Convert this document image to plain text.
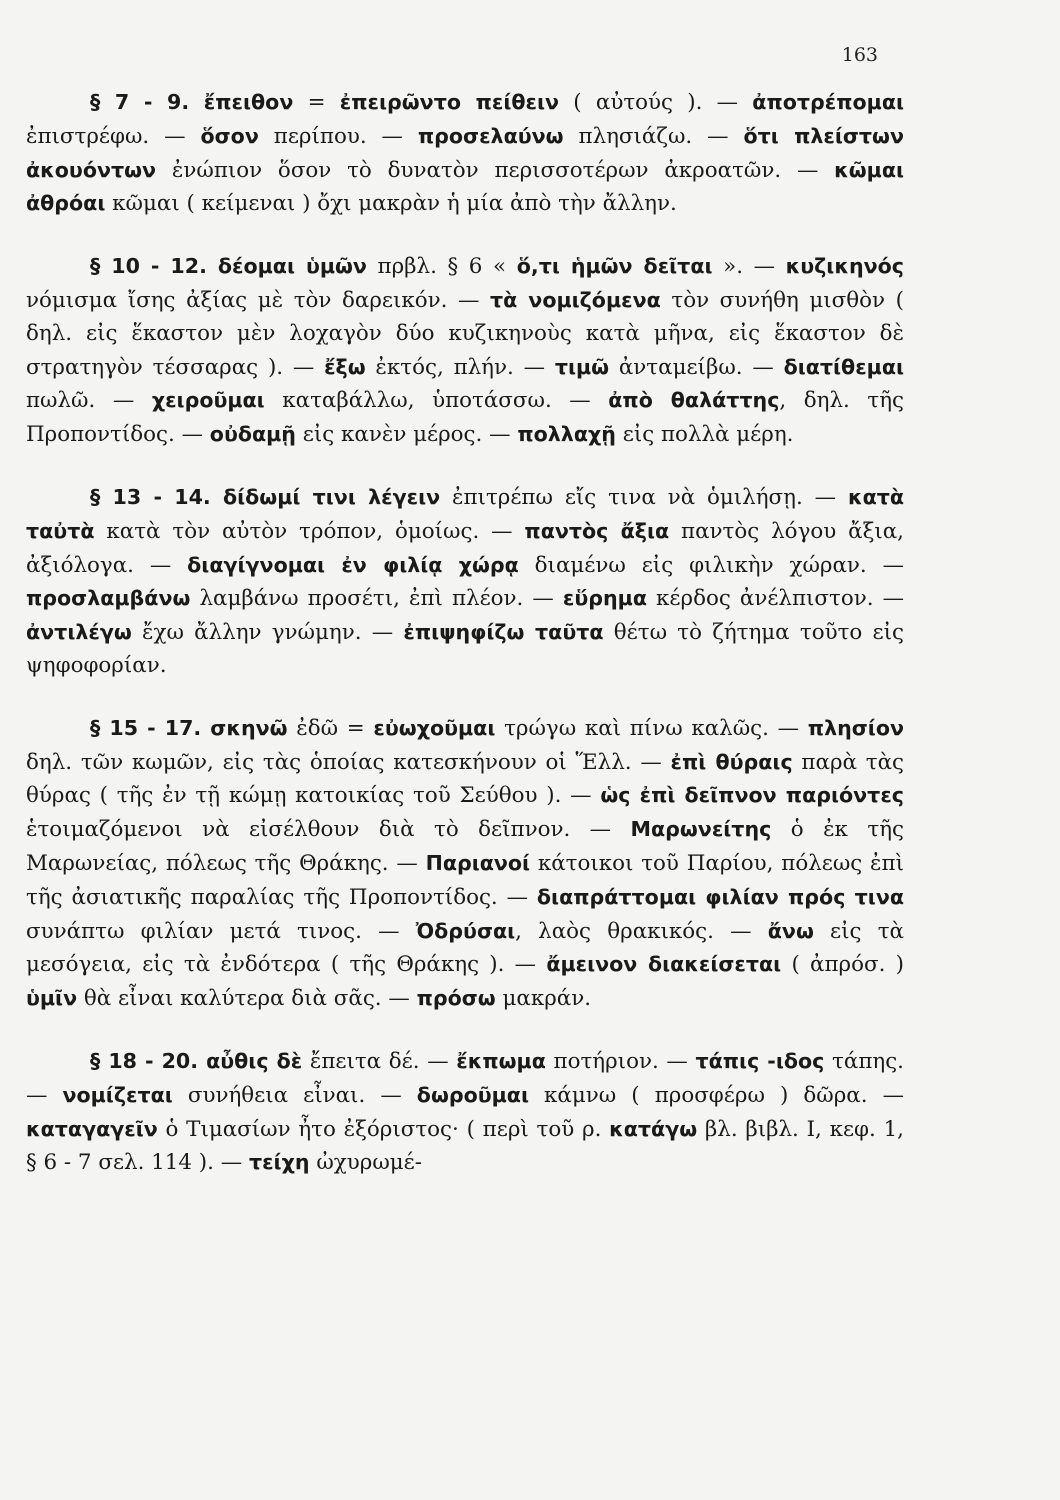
163

§ 7 - 9. ἔπειθον = ἐπειρῶντο πείθειν ( αὐτούς ). — ἀποτρέπομαι ἐπιστρέφω. — ὅσον περίπου. — προσελαύνω πλησιάζω. — ὅτι πλείστων ἀκουόντων ἐνώπιον ὅσον τὸ δυνατὸν περισσοτέρων ἀκροατῶν. — κῶμαι ἀθρόαι κῶμαι ( κείμεναι ) ὄχι μακρὰν ἡ μία ἀπὸ τὴν ἄλλην.

§ 10 - 12. δέομαι ὑμῶν πρβλ. § 6 « ὅ,τι ἡμῶν δεῖται ». — κυζικηνός νόμισμα ἴσης ἀξίας μὲ τὸν δαρεικόν. — τὰ νομιζόμενα τὸν συνήθη μισθὸν ( δηλ. εἰς ἕκαστον μὲν λοχαγὸν δύο κυζικηνοὺς κατὰ μῆνα, εἰς ἕκαστον δὲ στρατηγὸν τέσσαρας ). — ἔξω ἐκτός, πλήν. — τιμῶ ἀνταμείβω. — διατίθεμαι πωλῶ. — χειροῦμαι καταβάλλω, ὑποτάσσω. — ἀπὸ θαλάττης, δηλ. τῆς Προποντίδος. — οὐδαμῇ εἰς κανὲν μέρος. — πολλαχῇ εἰς πολλὰ μέρη.

§ 13 - 14. δίδωμί τινι λέγειν ἐπιτρέπω εἴς τινα νὰ ὁμιλήσῃ. — κατὰ ταὐτὰ κατὰ τὸν αὐτὸν τρόπον, ὁμοίως. — παντὸς ἄξια παντὸς λόγου ἄξια, ἀξιόλογα. — διαγίγνομαι ἐν φιλίᾳ χώρᾳ διαμένω εἰς φιλικὴν χώραν. — προσλαμβάνω λαμβάνω προσέτι, ἐπὶ πλέον. — εὕρημα κέρδος ἀνέλπιστον. — ἀντιλέγω ἔχω ἄλλην γνώμην. — ἐπιψηφίζω ταῦτα θέτω τὸ ζήτημα τοῦτο εἰς ψηφοφορίαν.

§ 15 - 17. σκηνῶ ἐδῶ = εὐωχοῦμαι τρώγω καὶ πίνω καλῶς. — πλησίον δηλ. τῶν κωμῶν, εἰς τὰς ὁποίας κατεσκήνουν οἱ Ἕλλ. — ἐπὶ θύραις παρὰ τὰς θύρας ( τῆς ἐν τῇ κώμῃ κατοικίας τοῦ Σεύθου ). — ὡς ἐπὶ δεῖπνον παριόντες ἑτοιμαζόμενοι νὰ εἰσέλθουν διὰ τὸ δεῖπνον. — Μαρωνείτης ὁ ἐκ τῆς Μαρωνείας, πόλεως τῆς Θράκης. — Παριανοί κάτοικοι τοῦ Παρίου, πόλεως ἐπὶ τῆς ἀσιατικῆς παραλίας τῆς Προποντίδος. — διαπράττομαι φιλίαν πρός τινα συνάπτω φιλίαν μετά τινος. — Ὀδρύσαι, λαὸς θρακικός. — ἄνω εἰς τὰ μεσόγεια, εἰς τὰ ἐνδότερα ( τῆς Θράκης ). — ἄμεινον διακείσεται ( ἀπρόσ. ) ὑμῖν θὰ εἶναι καλύτερα διὰ σᾶς. — πρόσω μακράν.

§ 18 - 20. αὖθις δὲ ἔπειτα δέ. — ἔκπωμα ποτήριον. — τάπις -ιδος τάπης. — νομίζεται συνήθεια εἶναι. — δωροῦμαι κάμνω ( προσφέρω ) δῶρα. — καταγαγεῖν ὁ Τιμασίων ἦτο ἐξόριστος· ( περὶ τοῦ ρ. κατάγω βλ. βιβλ. Ι, κεφ. 1, § 6 - 7 σελ. 114 ). — τείχη ὠχυρωμέ-
